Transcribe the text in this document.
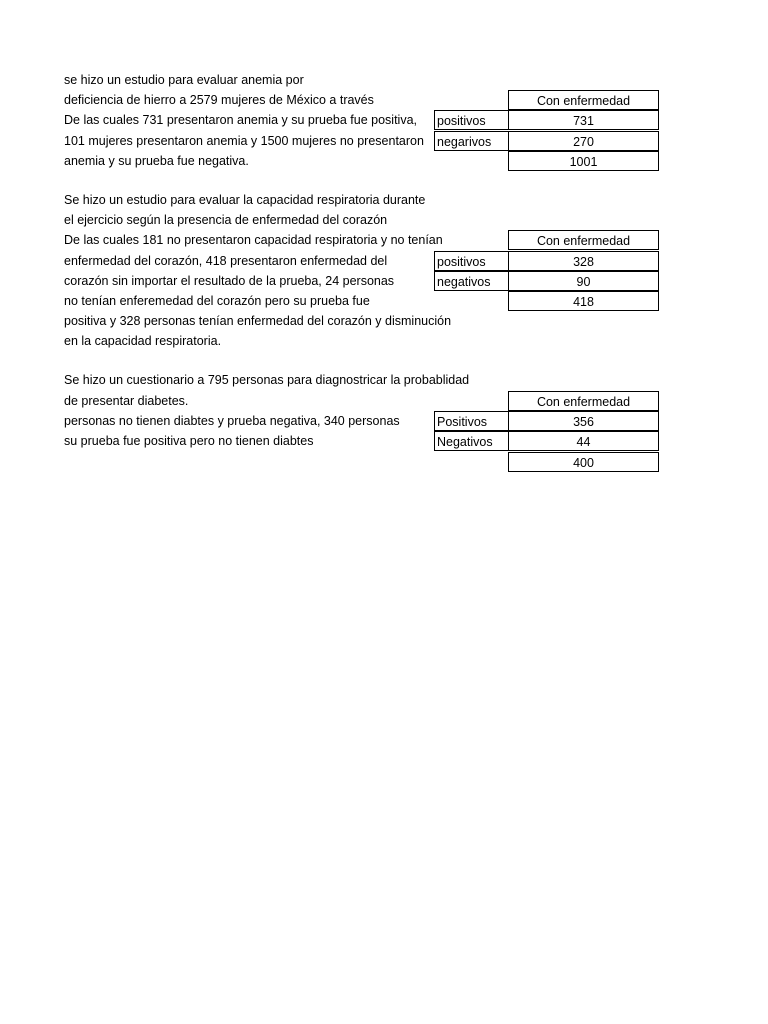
se hizo un estudio para evaluar anemia por
deficiencia de hierro a 2579 mujeres de México a través
De las cuales 731 presentaron anemia y su prueba fue positiva,
101 mujeres presentaron anemia y 1500 mujeres no presentaron
anemia y su prueba fue negativa.
Con enfermedad
positivos	731
negarivos	270
1001
Se hizo un estudio para evaluar la capacidad respiratoria durante
el ejercicio según la presencia de enfermedad del corazón
De las cuales 181 no presentaron capacidad respiratoria y no tenían
enfermedad del corazón, 418 presentaron enfermedad del
corazón sin importar el resultado de la prueba, 24 personas
no tenían enferemedad del corazón pero su prueba fue
positiva y 328 personas tenían enfermedad del corazón y disminución
en la capacidad respiratoria.
Con enfermedad
positivos	328
negativos	90
418
Se hizo un cuestionario a 795 personas para diagnostricar la probablidad
de presentar diabetes.
personas no tienen diabtes y prueba negativa, 340 personas
su prueba fue positiva pero no tienen diabtes
Con enfermedad
Positivos	356
Negativos	44
400
